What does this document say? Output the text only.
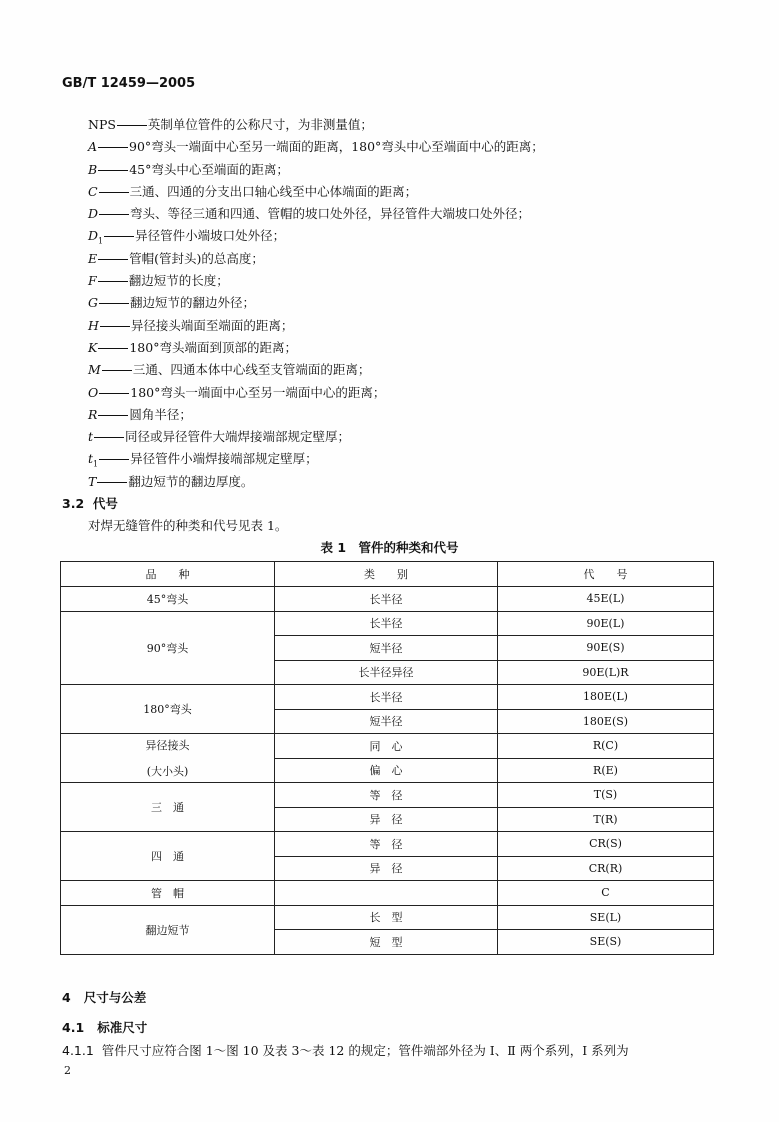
GB/T 12459—2005
NPS	英制单位管件的公称尺寸，为非测量值；
A	90°弯头一端面中心至另一端面的距离，180°弯头中心至端面中心的距离；
B	45°弯头中心至端面的距离；
C	三通、四通的分支出口轴心线至中心体端面的距离；
D	弯头、等径三通和四通、管帽的坡口处外径，异径管件大端坡口处外径；
$D_1$	异径管件小端坡口处外径；
E	管帽(管封头)的总高度；
F	翻边短节的长度；
G	翻边短节的翻边外径；
H	异径接头端面至端面的距离；
K	180°弯头端面到顶部的距离；
M	三通、四通本体中心线至支管端面的距离；
O	180°弯头一端面中心至另一端面中心的距离；
R	圆角半径；
t	同径或异径管件大端焊接端部规定壁厚；
$t_1$	异径管件小端焊接端部规定壁厚；
T	翻边短节的翻边厚度。
3.2 代号
对焊无缝管件的种类和代号见表 1。
表 1　管件的种类和代号
品　　种	类　　别	代　　号

45°弯头	长半径	45E(L)

90°弯头	长半径	90E(L)
	短半径	90E(S)
	长半径异径	90E(L)R

180°弯头	长半径	180E(L)
	短半径	180E(S)

异径接头
(大小头)	同　心	R(C)
	偏　心	R(E)

三　通	等　径	T(S)
	异　径	T(R)

四　通	等　径	CR(S)
	异　径	CR(R)

管　帽		C

翻边短节	长　型	SE(L)
	短　型	SE(S)
4 尺寸与公差
4.1 标准尺寸
4.1.1 管件尺寸应符合图 1～图 10 及表 3～表 12 的规定；管件端部外径为 Ⅰ、Ⅱ 两个系列，Ⅰ 系列为
2
